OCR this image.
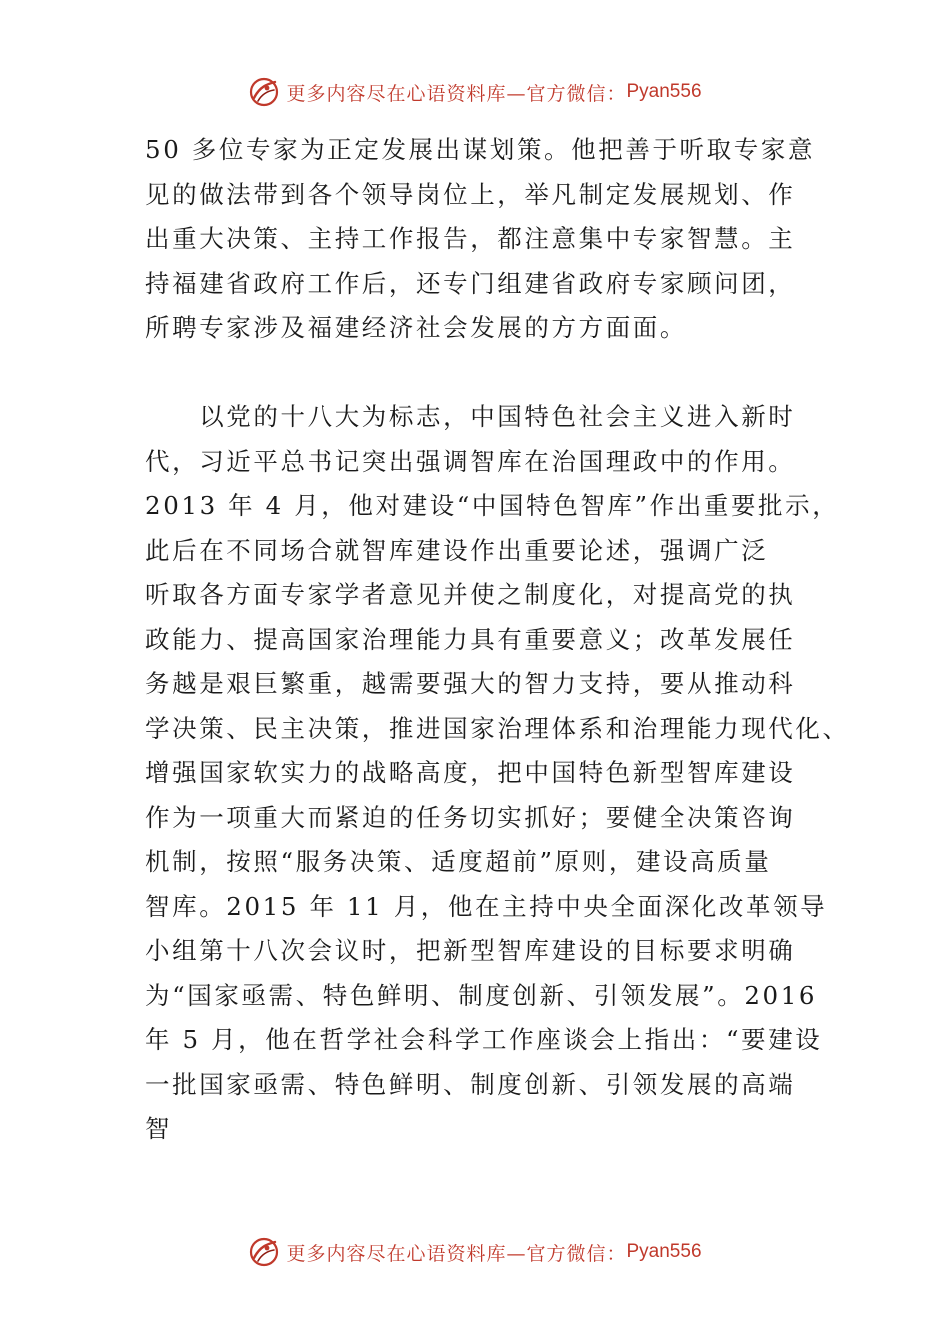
更多内容尽在心语资料库—官方微信： Pyan556
50 多位专家为正定发展出谋划策。他把善于听取专家意
见的做法带到各个领导岗位上，举凡制定发展规划、作
出重大决策、主持工作报告，都注意集中专家智慧。主
持福建省政府工作后，还专门组建省政府专家顾问团，
所聘专家涉及福建经济社会发展的方方面面。
　　以党的十八大为标志，中国特色社会主义进入新时
代，习近平总书记突出强调智库在治国理政中的作用。
2013 年 4 月，他对建设“中国特色智库”作出重要批示，
此后在不同场合就智库建设作出重要论述，强调广泛
听取各方面专家学者意见并使之制度化，对提高党的执
政能力、提高国家治理能力具有重要意义；改革发展任
务越是艰巨繁重，越需要强大的智力支持，要从推动科
学决策、民主决策，推进国家治理体系和治理能力现代化、
增强国家软实力的战略高度，把中国特色新型智库建设
作为一项重大而紧迫的任务切实抓好；要健全决策咨询
机制，按照“服务决策、适度超前”原则，建设高质量
智库。2015 年 11 月，他在主持中央全面深化改革领导
小组第十八次会议时，把新型智库建设的目标要求明确
为“国家亟需、特色鲜明、制度创新、引领发展”。2016
年 5 月，他在哲学社会科学工作座谈会上指出：“要建设
一批国家亟需、特色鲜明、制度创新、引领发展的高端
智
更多内容尽在心语资料库—官方微信： Pyan556
